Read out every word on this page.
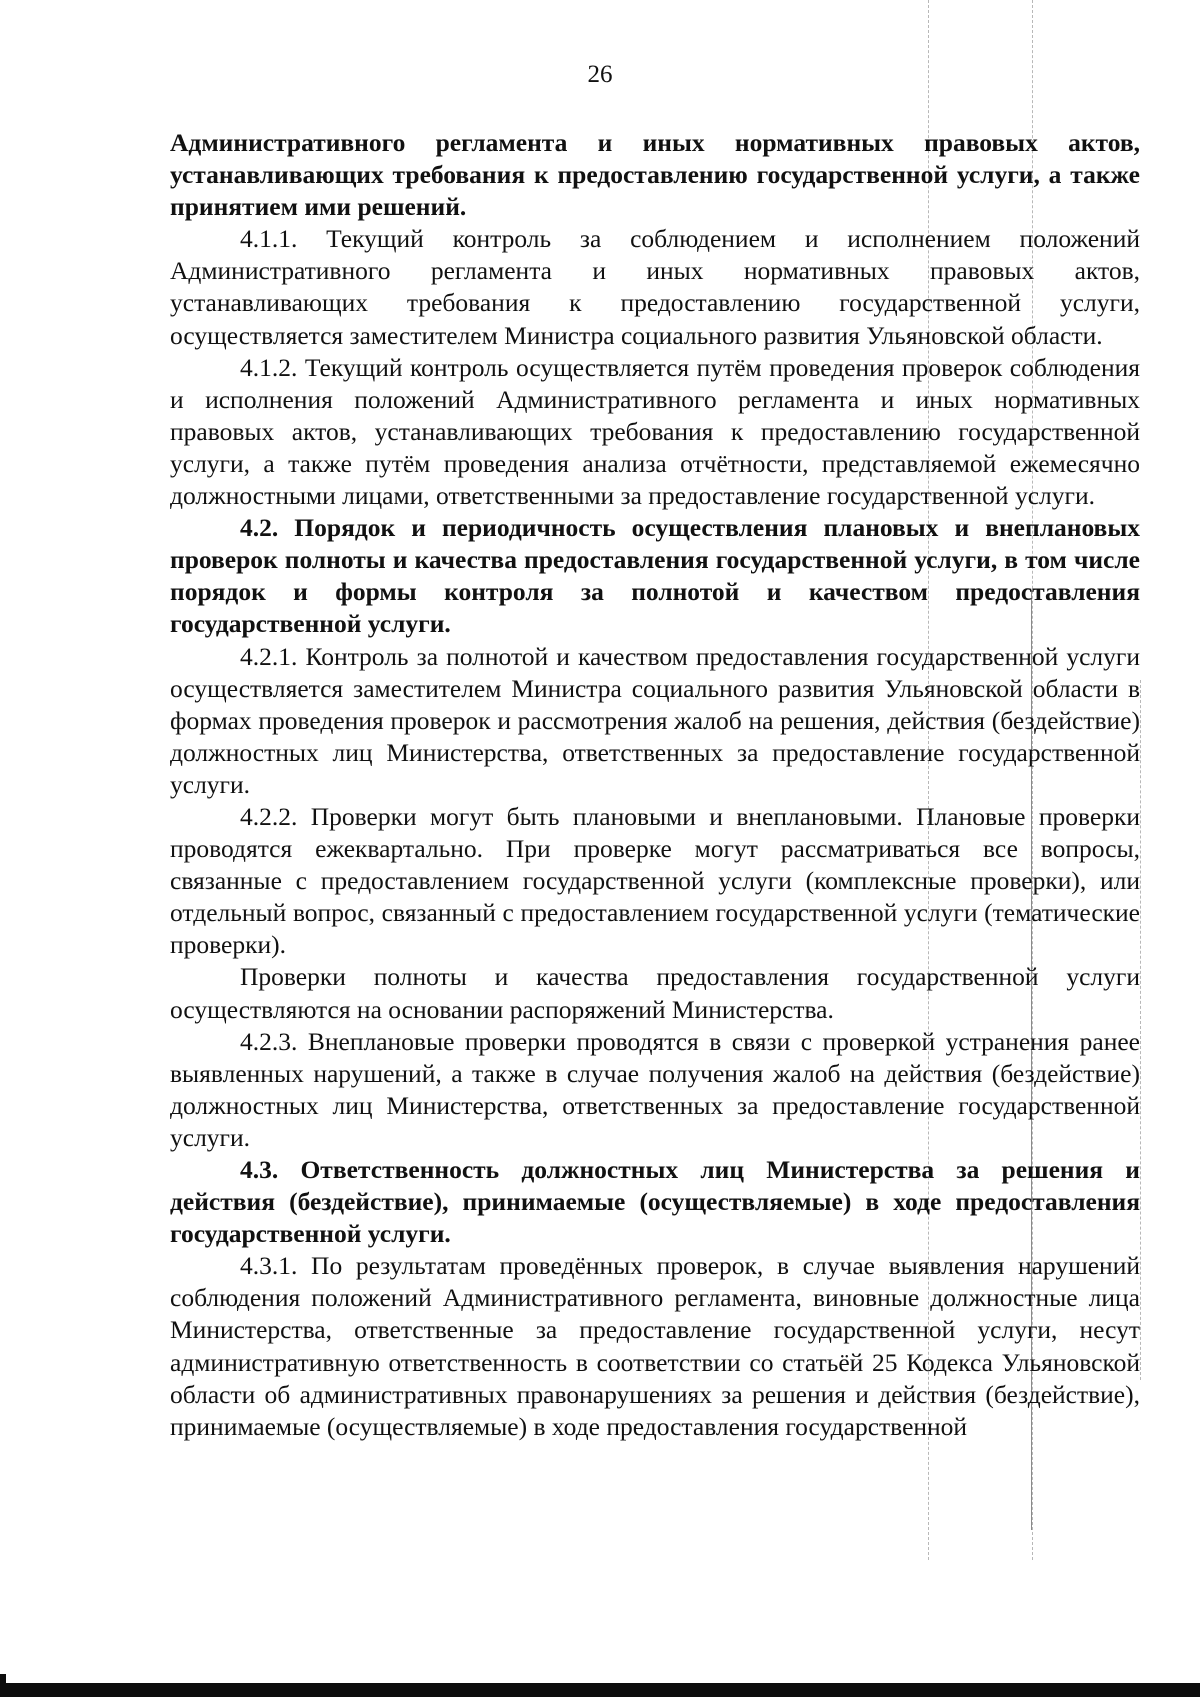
26

Административного регламента и иных нормативных правовых актов, устанавливающих требования к предоставлению государственной услуги, а также принятием ими решений.

4.1.1. Текущий контроль за соблюдением и исполнением положений Административного регламента и иных нормативных правовых актов, устанавливающих требования к предоставлению государственной услуги, осуществляется заместителем Министра социального развития Ульяновской области.

4.1.2. Текущий контроль осуществляется путём проведения проверок соблюдения и исполнения положений Административного регламента и иных нормативных правовых актов, устанавливающих требования к предоставлению государственной услуги, а также путём проведения анализа отчётности, представляемой ежемесячно должностными лицами, ответственными за предоставление государственной услуги.

4.2. Порядок и периодичность осуществления плановых и внеплановых проверок полноты и качества предоставления государственной услуги, в том числе порядок и формы контроля за полнотой и качеством предоставления государственной услуги.

4.2.1. Контроль за полнотой и качеством предоставления государственной услуги осуществляется заместителем Министра социального развития Ульяновской области в формах проведения проверок и рассмотрения жалоб на решения, действия (бездействие) должностных лиц Министерства, ответственных за предоставление государственной услуги.

4.2.2. Проверки могут быть плановыми и внеплановыми. Плановые проверки проводятся ежеквартально. При проверке могут рассматриваться все вопросы, связанные с предоставлением государственной услуги (комплексные проверки), или отдельный вопрос, связанный с предоставлением государственной услуги (тематические проверки).

Проверки полноты и качества предоставления государственной услуги осуществляются на основании распоряжений Министерства.

4.2.3. Внеплановые проверки проводятся в связи с проверкой устранения ранее выявленных нарушений, а также в случае получения жалоб на действия (бездействие) должностных лиц Министерства, ответственных за предоставление государственной услуги.

4.3. Ответственность должностных лиц Министерства за решения и действия (бездействие), принимаемые (осуществляемые) в ходе предоставления государственной услуги.

4.3.1. По результатам проведённых проверок, в случае выявления нарушений соблюдения положений Административного регламента, виновные должностные лица Министерства, ответственные за предоставление государственной услуги, несут административную ответственность в соответствии со статьёй 25 Кодекса Ульяновской области об административных правонарушениях за решения и действия (бездействие), принимаемые (осуществляемые) в ходе предоставления государственной
